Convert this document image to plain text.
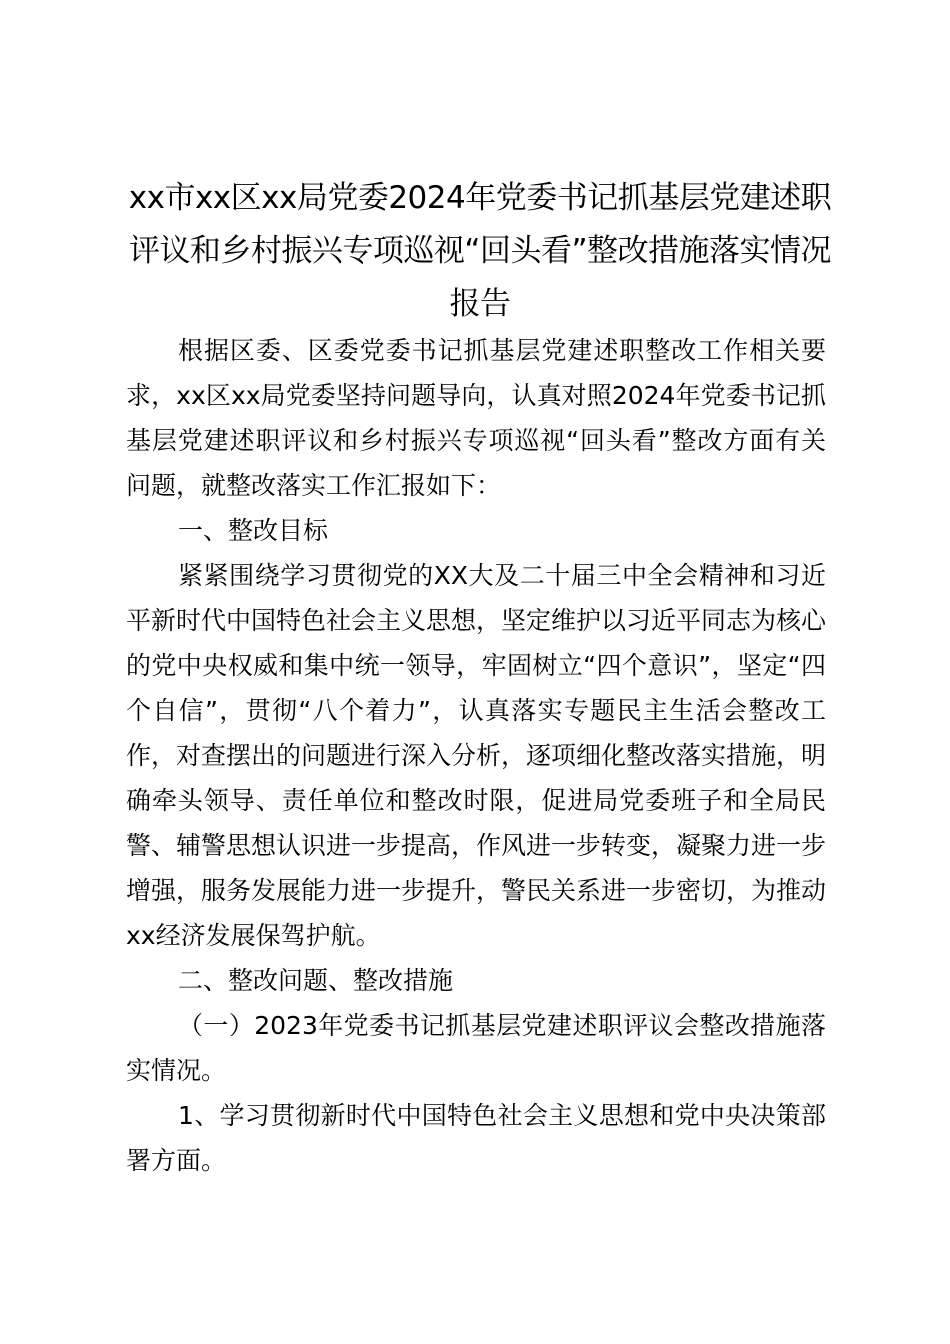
xx市xx区xx局党委2024年党委书记抓基层党建述职评议和乡村振兴专项巡视“回头看”整改措施落实情况报告

根据区委、区委党委书记抓基层党建述职整改工作相关要求，xx区xx局党委坚持问题导向，认真对照2024年党委书记抓基层党建述职评议和乡村振兴专项巡视“回头看”整改方面有关问题，就整改落实工作汇报如下：

一、整改目标

紧紧围绕学习贯彻党的XX大及二十届三中全会精神和习近平新时代中国特色社会主义思想，坚定维护以习近平同志为核心的党中央权威和集中统一领导，牢固树立“四个意识”，坚定“四个自信”，贯彻“八个着力”，认真落实专题民主生活会整改工作，对查摆出的问题进行深入分析，逐项细化整改落实措施，明确牵头领导、责任单位和整改时限，促进局党委班子和全局民警、辅警思想认识进一步提高，作风进一步转变，凝聚力进一步增强，服务发展能力进一步提升，警民关系进一步密切，为推动xx经济发展保驾护航。

二、整改问题、整改措施

（一）2023年党委书记抓基层党建述职评议会整改措施落实情况。

1、学习贯彻新时代中国特色社会主义思想和党中央决策部署方面。
